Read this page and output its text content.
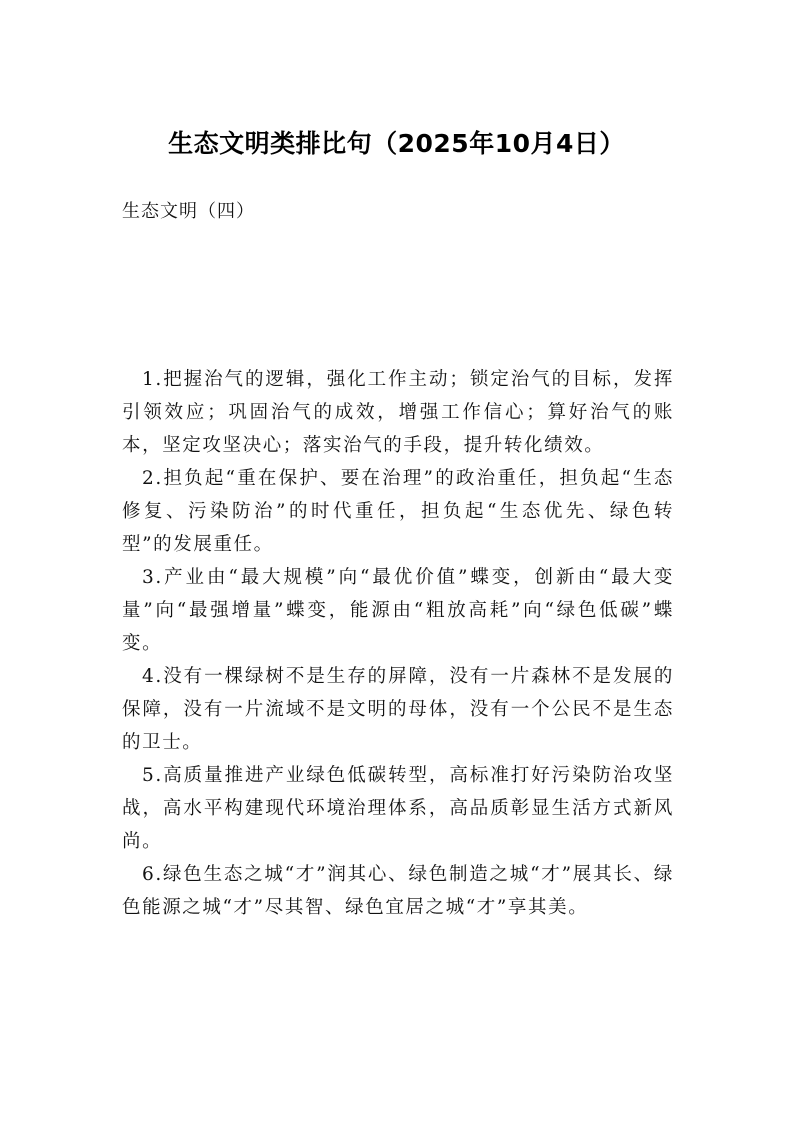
生态文明类排比句（2025年10月4日）

生态文明（四）

1.把握治气的逻辑，强化工作主动；锁定治气的目标，发挥引领效应；巩固治气的成效，增强工作信心；算好治气的账本，坚定攻坚决心；落实治气的手段，提升转化绩效。

2.担负起“重在保护、要在治理”的政治重任，担负起“生态修复、污染防治”的时代重任，担负起“生态优先、绿色转型”的发展重任。

3.产业由“最大规模”向“最优价值”蝶变，创新由“最大变量”向“最强增量”蝶变，能源由“粗放高耗”向“绿色低碳”蝶变。

4.没有一棵绿树不是生存的屏障，没有一片森林不是发展的保障，没有一片流域不是文明的母体，没有一个公民不是生态的卫士。

5.高质量推进产业绿色低碳转型，高标准打好污染防治攻坚战，高水平构建现代环境治理体系，高品质彰显生活方式新风尚。

6.绿色生态之城“才”润其心、绿色制造之城“才”展其长、绿色能源之城“才”尽其智、绿色宜居之城“才”享其美。
